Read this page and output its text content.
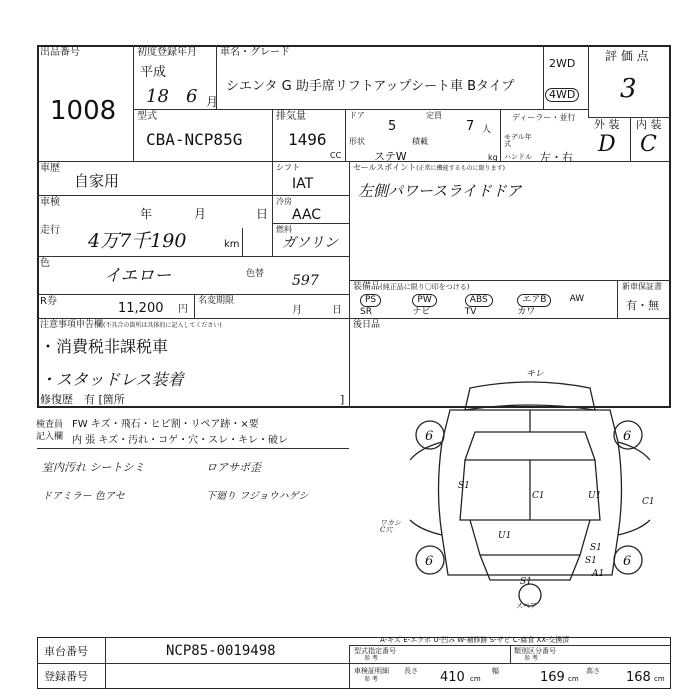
出品番号
1008
初度登録年月
平成
18 6 月
車名・グレード
シエンタ G 助手席リフトアップシート車 Bタイプ
2WD
4WD
評 価 点
3
外 装 内 装
D C
型式
CBA-NCP85G
排気量
1496
CC
ドア
5
定員
7 人
形状	積載
ステW	kg
ディーラー・並行
モデル年式
ハンドル 左・右
車歴
自家用
車検
年	月	日
走行 4万7千190	km
シフト
IAT
冷房
AAC
燃料
ガソリン
色
イエロー	色替 597
R券	11,200 円
名変期限
月	日
セールスポイント(正常に機能するものに限ります)
左側パワースライドドア
装備品(純正品に限り〇印をつける)	新車保証書
有・無
PS	PW	ABS	エアB	AW
SR	ナビ	TV	カワ
注意事項申告欄(不具合の箇所は具体的に記入してください)
・消費税非課税車
・スタッドレス装着
修復歴 有 [箇所	]
後日品
検査員
記入欄
FW キズ・飛石・ヒビ割・リペア跡・×要
内 張 キズ・汚れ・コゲ・穴・スレ・キレ・破レ
室内汚れ シートシミ	ロアサポ歪
ドアミラー 色アセ	下廻り フジョウハゲシ
6	6
6	6
キレ
S1
U1
U1
S1
C1
S1
S1
A1
C1
スペア
ワカシ C穴
A-キズ E-エクボ U-凹み W-補修跡 S-サビ C-腐食 XX-交換済
車台番号	NCP85-0019498
登録番号
型式指定番号
参 考
類別区分番号
参 考
車検証明細
参 考
長さ 410 cm
幅	169 cm
高さ 168 cm
